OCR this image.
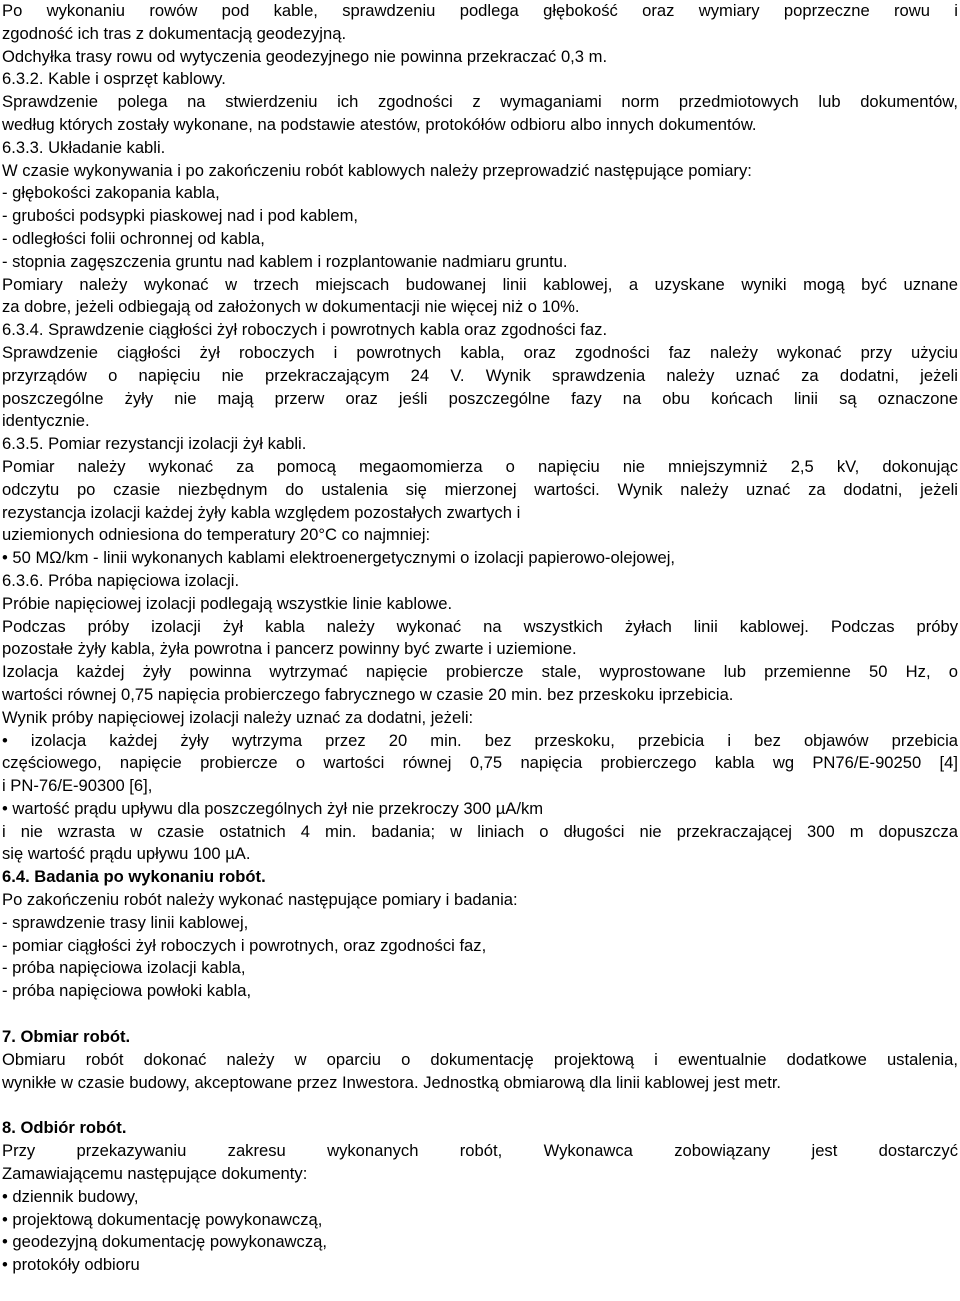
Po wykonaniu rowów pod kable, sprawdzeniu podlega głębokość oraz wymiary poprzeczne rowu i

zgodność ich tras z dokumentacją geodezyjną.

Odchyłka trasy rowu od wytyczenia geodezyjnego nie powinna przekraczać 0,3 m.

6.3.2. Kable i osprzęt kablowy.

Sprawdzenie polega na stwierdzeniu ich zgodności z wymaganiami norm przedmiotowych lub dokumentów,

według których zostały wykonane, na podstawie atestów, protokółów odbioru albo innych dokumentów.

6.3.3. Układanie kabli.

W czasie wykonywania i po zakończeniu robót kablowych należy przeprowadzić następujące pomiary:

- głębokości zakopania kabla,

- grubości podsypki piaskowej nad i pod kablem,

- odległości folii ochronnej od kabla,

- stopnia zagęszczenia gruntu nad kablem i rozplantowanie nadmiaru gruntu.

Pomiary należy wykonać w trzech miejscach budowanej linii kablowej, a uzyskane wyniki mogą być uznane

za dobre, jeżeli odbiegają od założonych w dokumentacji nie więcej niż o 10%.

6.3.4. Sprawdzenie ciągłości żył roboczych i powrotnych kabla oraz zgodności faz.

Sprawdzenie ciągłości żył roboczych i powrotnych kabla, oraz zgodności faz należy wykonać przy użyciu

przyrządów o napięciu nie przekraczającym 24 V. Wynik sprawdzenia należy uznać za dodatni, jeżeli

poszczególne żyły nie mają przerw oraz jeśli poszczególne fazy na obu końcach linii są oznaczone

identycznie.

6.3.5. Pomiar rezystancji izolacji żył kabli.

Pomiar należy wykonać za pomocą megaomomierza o napięciu nie mniejszymniż 2,5 kV, dokonując

odczytu po czasie niezbędnym do ustalenia się mierzonej wartości. Wynik należy uznać za dodatni, jeżeli

rezystancja izolacji każdej żyły kabla względem pozostałych zwartych i

uziemionych odniesiona do temperatury 20°C co najmniej:

• 50 MΩ/km - linii wykonanych kablami elektroenergetycznymi o izolacji papierowo-olejowej,

6.3.6. Próba napięciowa izolacji.

Próbie napięciowej izolacji podlegają wszystkie linie kablowe.

Podczas próby izolacji żył kabla należy wykonać na wszystkich żyłach linii kablowej. Podczas próby

pozostałe żyły kabla, żyła powrotna i pancerz powinny być zwarte i uziemione.

Izolacja każdej żyły powinna wytrzymać napięcie probiercze stale, wyprostowane lub przemienne 50 Hz, o

wartości równej 0,75 napięcia probierczego fabrycznego w czasie 20 min. bez przeskoku iprzebicia.

Wynik próby napięciowej izolacji należy uznać za dodatni, jeżeli:

• izolacja każdej żyły wytrzyma przez 20 min. bez przeskoku, przebicia i bez objawów przebicia

częściowego, napięcie probiercze o wartości równej 0,75 napięcia probierczego kabla wg PN76/E-90250 [4]

i PN-76/E-90300 [6],

• wartość prądu upływu dla poszczególnych żył nie przekroczy 300 µA/km

i nie wzrasta w czasie ostatnich 4 min. badania; w liniach o długości nie przekraczającej 300 m dopuszcza

się wartość prądu upływu 100 µA.

6.4. Badania po wykonaniu robót.

Po zakończeniu robót należy wykonać następujące pomiary i badania:

- sprawdzenie trasy linii kablowej,

- pomiar ciągłości żył roboczych i powrotnych, oraz zgodności faz,

- próba napięciowa izolacji kabla,

- próba napięciowa powłoki kabla,

7. Obmiar robót.

Obmiaru robót dokonać należy w oparciu o dokumentację projektową i ewentualnie dodatkowe ustalenia,

wynikłe w czasie budowy, akceptowane przez Inwestora. Jednostką obmiarową dla linii kablowej jest metr.

8. Odbiór robót.

Przy przekazywaniu zakresu wykonanych robót, Wykonawca zobowiązany jest dostarczyć

Zamawiającemu następujące dokumenty:

• dziennik budowy,

• projektową dokumentację powykonawczą,

• geodezyjną dokumentację powykonawczą,

• protokóły odbioru
